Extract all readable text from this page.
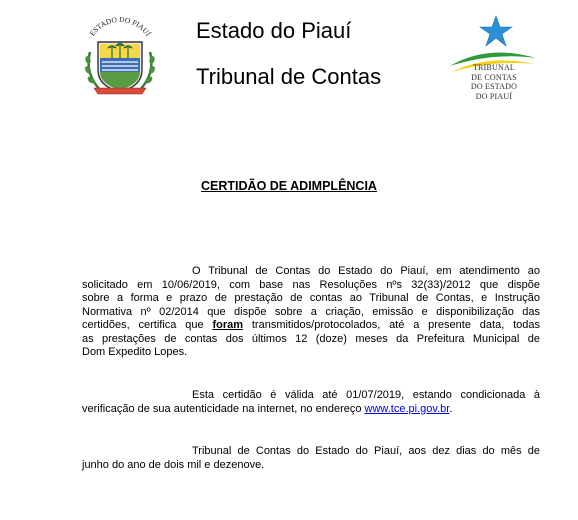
ESTADO DO PIAUÍ Estado do Piauí
Tribunal de Contas	TRIBUNAL
DE CONTAS
DO ESTADO
DO PIAUÍ
CERTIDÃO DE ADIMPLÊNCIA
O Tribunal de Contas do Estado do Piauí, em atendimento ao
solicitado em 10/06/2019, com base nas Resoluções nºs 32(33)/2012 que dispõe
sobre a forma e prazo de prestação de contas ao Tribunal de Contas, e Instrução
Normativa nº 02/2014 que dispõe sobre a criação, emissão e disponibilização das
certidões, certifica que foram transmitidos/protocolados, até a presente data, todas
as prestações de contas dos últimos 12 (doze) meses da Prefeitura Municipal de
Dom Expedito Lopes.
Esta certidão é válida até 01/07/2019, estando condicionada à
verificação de sua autenticidade na internet, no endereço www.tce.pi.gov.br.
Tribunal de Contas do Estado do Piauí, aos dez dias do mês de
junho do ano de dois mil e dezenove.
